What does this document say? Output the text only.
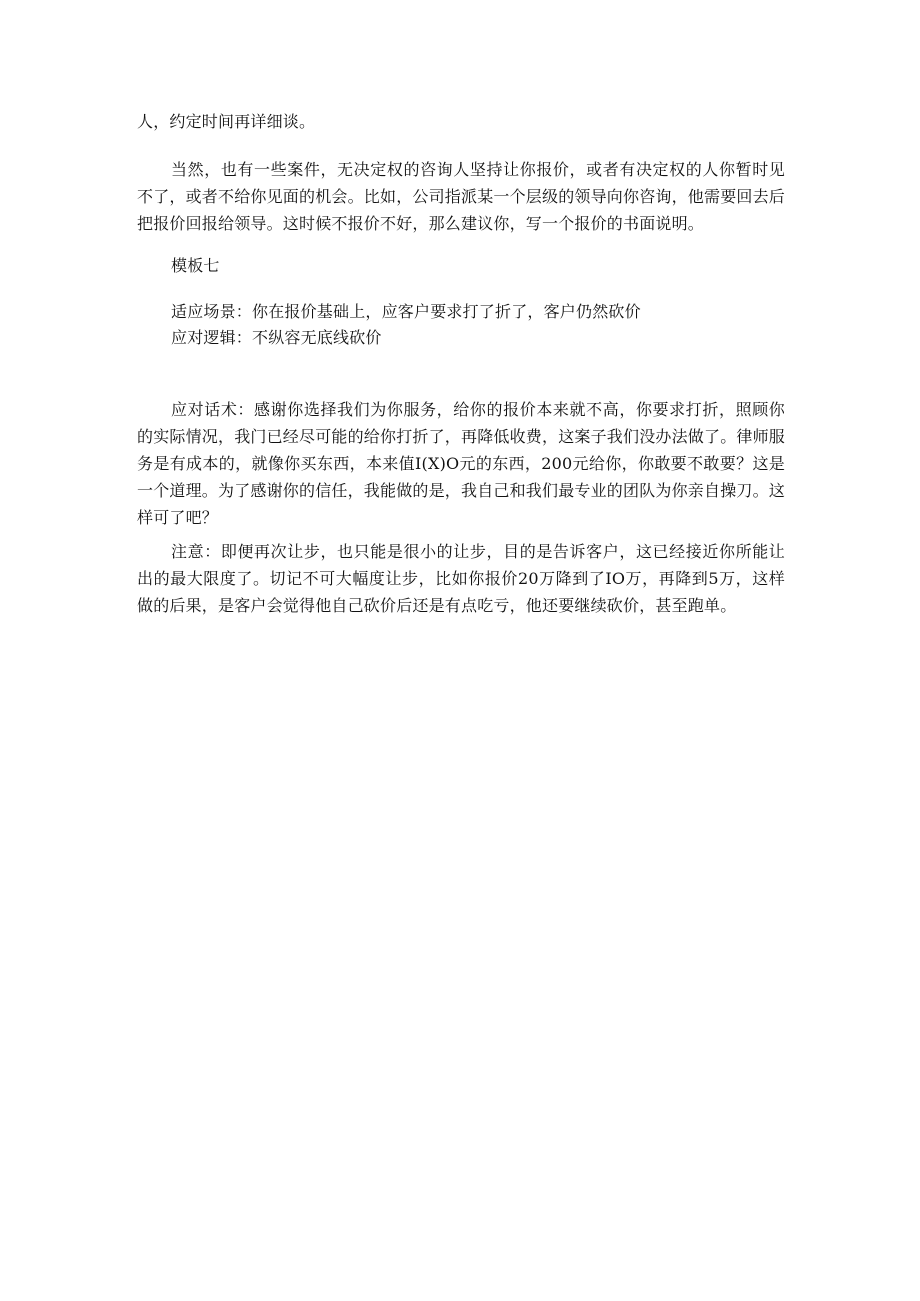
人，约定时间再详细谈。

当然，也有一些案件，无决定权的咨询人坚持让你报价，或者有决定权的人你暂时见不了，或者不给你见面的机会。比如，公司指派某一个层级的领导向你咨询，他需要回去后把报价回报给领导。这时候不报价不好，那么建议你，写一个报价的书面说明。

模板七

适应场景：你在报价基础上，应客户要求打了折了，客户仍然砍价

应对逻辑：不纵容无底线砍价

应对话术：感谢你选择我们为你服务，给你的报价本来就不高，你要求打折，照顾你的实际情况，我门已经尽可能的给你打折了，再降低收费，这案子我们没办法做了。律师服务是有成本的，就像你买东西，本来值I(X)O元的东西，200元给你，你敢要不敢要？这是一个道理。为了感谢你的信任，我能做的是，我自己和我们最专业的团队为你亲自操刀。这样可了吧？

注意：即便再次让步，也只能是很小的让步，目的是告诉客户，这已经接近你所能让出的最大限度了。切记不可大幅度让步，比如你报价20万降到了IO万，再降到5万，这样做的后果，是客户会觉得他自己砍价后还是有点吃亏，他还要继续砍价，甚至跑单。
